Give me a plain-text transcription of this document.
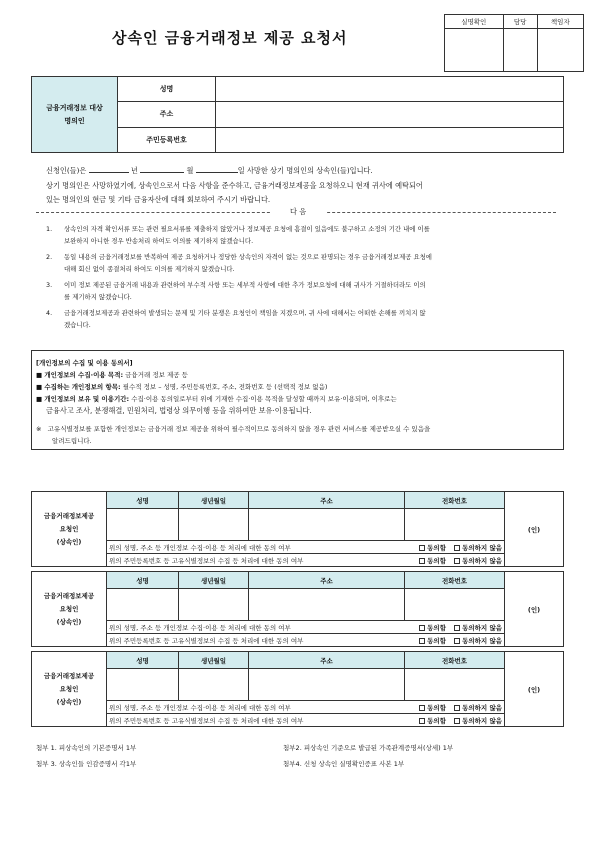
상속인 금융거래정보 제공 요청서
실명확인	담당	책임자

금융거래정보 대상
명의인	성명	
	주소	
	주민등록번호	
신청인(들)은	년	월	일 사망한 상기 명의인의 상속인(들)입니다.
상기 명의인은 사망하였기에, 상속인으로서 다음 사항을 준수하고, 금융거래정보제공을 요청하오니 현재 귀사에 예탁되어
있는 명의인의 현금 및 기타 금융자산에 대해 회보하여 주시기 바랍니다.
다 음
1. 상속인의 자격 확인서류 또는 관련 필요서류를 제출하지 않았거나 정보제공 요청에 흠결이 있음에도 불구하고 소정의 기간 내에 이를
보완하지 아니한 경우 반송처리 하여도 이의를 제기하지 않겠습니다.
2. 동일 내용의 금융거래정보를 반복하여 제공 요청하거나 정당한 상속인의 자격이 없는 것으로 판명되는 경우 금융거래정보제공 요청에
대해 회신 없이 종결처리 하여도 이의를 제기하지 않겠습니다.
3. 이미 정보 제공된 금융거래 내용과 관련하여 부수적 사항 또는 세부적 사항에 대한 추가 정보요청에 대해 귀사가 거절하더라도 이의
를 제기하지 않겠습니다.
4. 금융거래정보제공과 관련하여 발생되는 문제 및 기타 분쟁은 요청인이 책임을 지겠으며, 귀 사에 대해서는 어떠한 손해를 끼치지 않
겠습니다.
[개인정보의 수집 및 이용 동의서]
■ 개인정보의 수집·이용 목적: 금융거래 정보 제공 등
■ 수집하는 개인정보의 항목: 필수적 정보 – 성명, 주민등록번호, 주소, 전화번호 등 (선택적 정보 없음)
■ 개인정보의 보유 및 이용기간: 수집·이용 동의일로부터 위에 기재한 수집·이용 목적을 달성할 때까지 보유·이용되며, 이후로는
금융사고 조사, 분쟁해결, 민원처리, 법령상 의무이행 등을 위하여만 보유·이용됩니다.
※ 고유식별정보를 포함한 개인정보는 금융거래 정보 제공을 위하여 필수적이므로 동의하지 않을 경우 관련 서비스를 제공받으실 수 있음을
알려드립니다.
금융거래정보제공
요청인
(상속인)	성명	생년월일	주소	전화번호	(인)

	위의 성명, 주소 등 개인정보 수집·이용 등 처리에 대한 동의 여부 동의함 동의하지 않음				

	위의 주민등록번호 등 고유식별정보의 수집 등 처리에 대한 동의 여부 동의함 동의하지 않음				
금융거래정보제공
요청인
(상속인)	성명	생년월일	주소	전화번호	(인)

	위의 성명, 주소 등 개인정보 수집·이용 등 처리에 대한 동의 여부 동의함 동의하지 않음				

	위의 주민등록번호 등 고유식별정보의 수집 등 처리에 대한 동의 여부 동의함 동의하지 않음				
금융거래정보제공
요청인
(상속인)	성명	생년월일	주소	전화번호	(인)

	위의 성명, 주소 등 개인정보 수집·이용 등 처리에 대한 동의 여부 동의함 동의하지 않음				

	위의 주민등록번호 등 고유식별정보의 수집 등 처리에 대한 동의 여부 동의함 동의하지 않음				
첨부 1. 피상속인의 기본증명서 1부	첨부2. 피상속인 기준으로 발급된 가족관계증명서(상세) 1부
첨부 3. 상속인들 인감증명서 각1부	첨부4. 신청 상속인 실명확인증표 사본 1부
